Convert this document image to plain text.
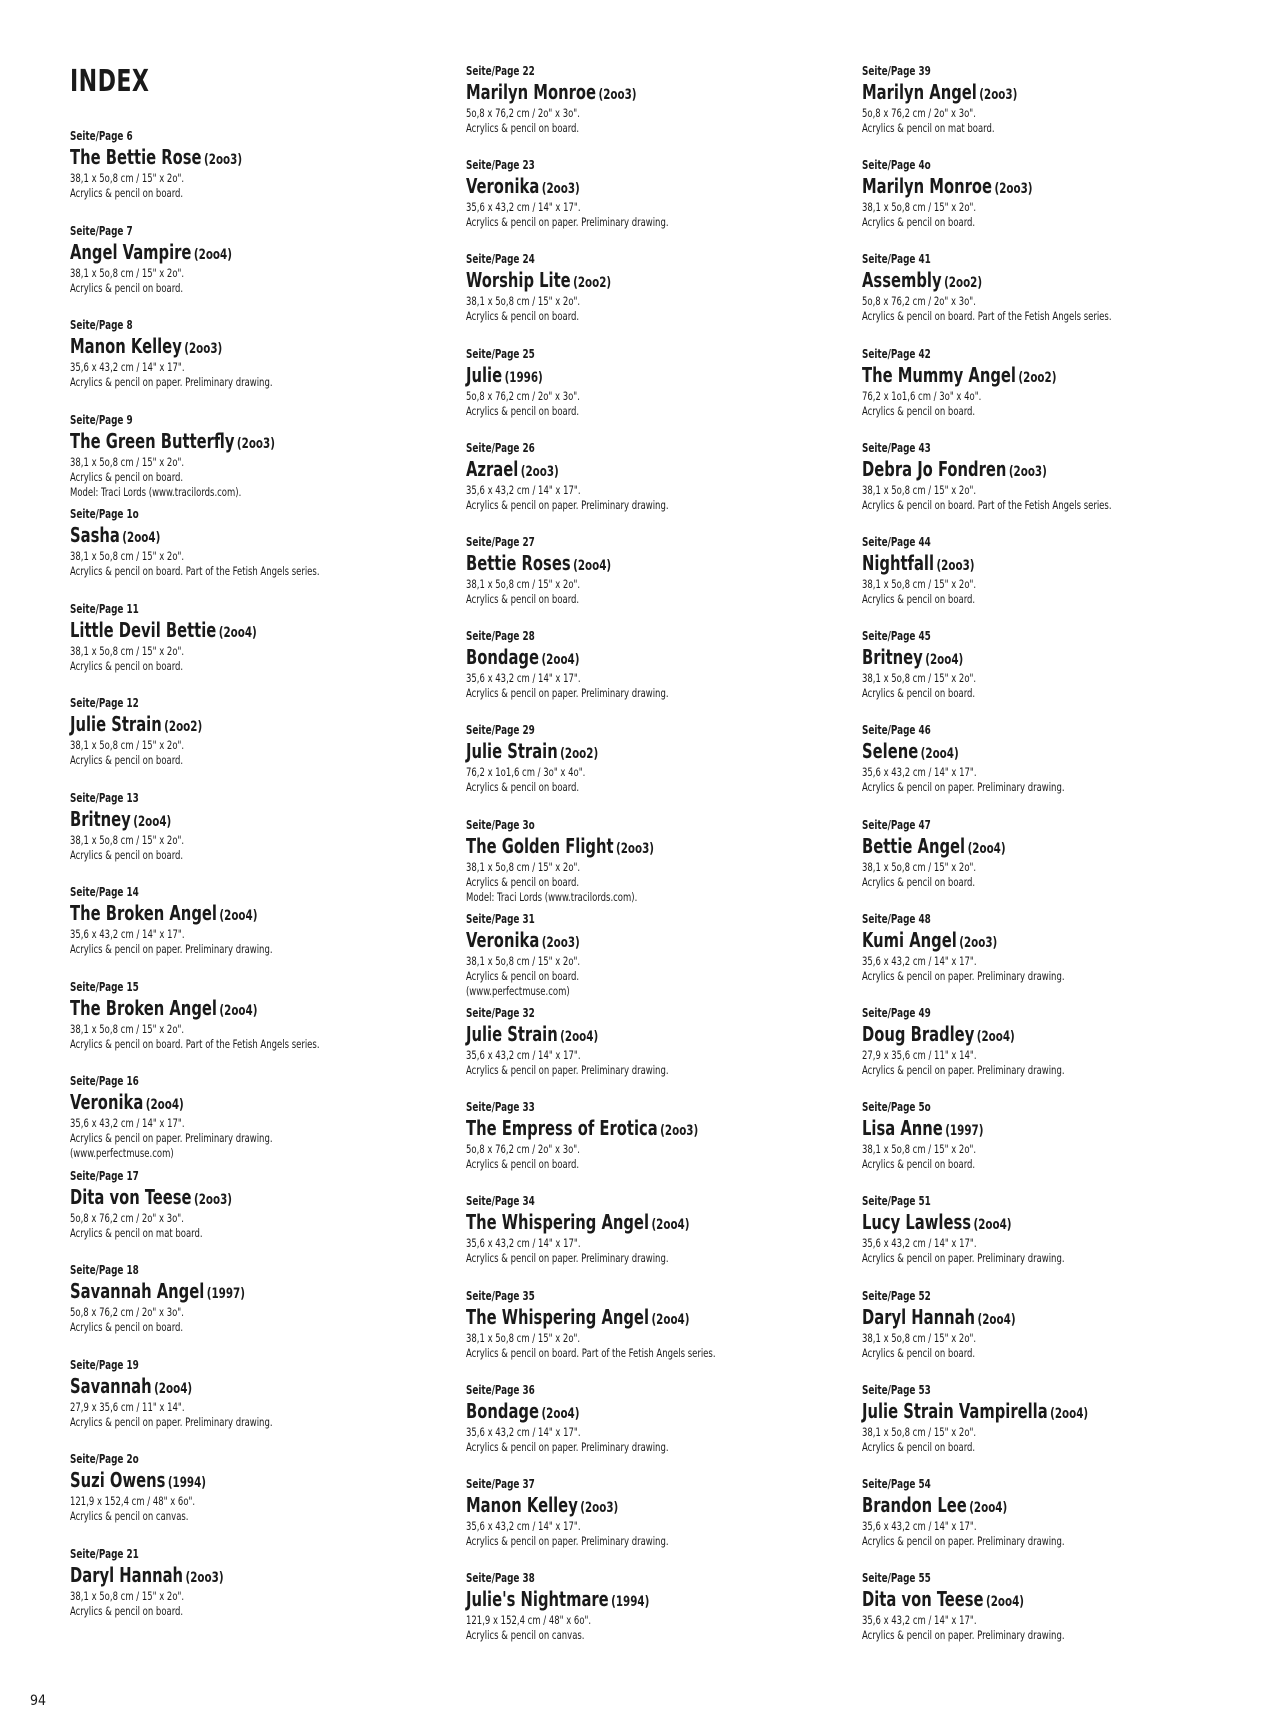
INDEX
Seite/Page 6
The Bettie Rose (2oo3)
38,1 x 5o,8 cm / 15" x 2o".
Acrylics & pencil on board.
Seite/Page 7
Angel Vampire (2oo4)
38,1 x 5o,8 cm / 15" x 2o".
Acrylics & pencil on board.
Seite/Page 8
Manon Kelley (2oo3)
35,6 x 43,2 cm / 14" x 17".
Acrylics & pencil on paper. Preliminary drawing.
Seite/Page 9
The Green Butterfly (2oo3)
38,1 x 5o,8 cm / 15" x 2o".
Acrylics & pencil on board.
Model: Traci Lords (www.tracilords.com).
Seite/Page 1o
Sasha (2oo4)
38,1 x 5o,8 cm / 15" x 2o".
Acrylics & pencil on board. Part of the Fetish Angels series.
Seite/Page 11
Little Devil Bettie (2oo4)
38,1 x 5o,8 cm / 15" x 2o".
Acrylics & pencil on board.
Seite/Page 12
Julie Strain (2oo2)
38,1 x 5o,8 cm / 15" x 2o".
Acrylics & pencil on board.
Seite/Page 13
Britney (2oo4)
38,1 x 5o,8 cm / 15" x 2o".
Acrylics & pencil on board.
Seite/Page 14
The Broken Angel (2oo4)
35,6 x 43,2 cm / 14" x 17".
Acrylics & pencil on paper. Preliminary drawing.
Seite/Page 15
The Broken Angel (2oo4)
38,1 x 5o,8 cm / 15" x 2o".
Acrylics & pencil on board. Part of the Fetish Angels series.
Seite/Page 16
Veronika (2oo4)
35,6 x 43,2 cm / 14" x 17".
Acrylics & pencil on paper. Preliminary drawing.
(www.perfectmuse.com)
Seite/Page 17
Dita von Teese (2oo3)
5o,8 x 76,2 cm / 2o" x 3o".
Acrylics & pencil on mat board.
Seite/Page 18
Savannah Angel (1997)
5o,8 x 76,2 cm / 2o" x 3o".
Acrylics & pencil on board.
Seite/Page 19
Savannah (2oo4)
27,9 x 35,6 cm / 11" x 14".
Acrylics & pencil on paper. Preliminary drawing.
Seite/Page 2o
Suzi Owens (1994)
121,9 x 152,4 cm / 48" x 6o".
Acrylics & pencil on canvas.
Seite/Page 21
Daryl Hannah (2oo3)
38,1 x 5o,8 cm / 15" x 2o".
Acrylics & pencil on board.
Seite/Page 22
Marilyn Monroe (2oo3)
5o,8 x 76,2 cm / 2o" x 3o".
Acrylics & pencil on board.
Seite/Page 23
Veronika (2oo3)
35,6 x 43,2 cm / 14" x 17".
Acrylics & pencil on paper. Preliminary drawing.
Seite/Page 24
Worship Lite (2oo2)
38,1 x 5o,8 cm / 15" x 2o".
Acrylics & pencil on board.
Seite/Page 25
Julie (1996)
5o,8 x 76,2 cm / 2o" x 3o".
Acrylics & pencil on board.
Seite/Page 26
Azrael (2oo3)
35,6 x 43,2 cm / 14" x 17".
Acrylics & pencil on paper. Preliminary drawing.
Seite/Page 27
Bettie Roses (2oo4)
38,1 x 5o,8 cm / 15" x 2o".
Acrylics & pencil on board.
Seite/Page 28
Bondage (2oo4)
35,6 x 43,2 cm / 14" x 17".
Acrylics & pencil on paper. Preliminary drawing.
Seite/Page 29
Julie Strain (2oo2)
76,2 x 1o1,6 cm / 3o" x 4o".
Acrylics & pencil on board.
Seite/Page 3o
The Golden Flight (2oo3)
38,1 x 5o,8 cm / 15" x 2o".
Acrylics & pencil on board.
Model: Traci Lords (www.tracilords.com).
Seite/Page 31
Veronika (2oo3)
38,1 x 5o,8 cm / 15" x 2o".
Acrylics & pencil on board.
(www.perfectmuse.com)
Seite/Page 32
Julie Strain (2oo4)
35,6 x 43,2 cm / 14" x 17".
Acrylics & pencil on paper. Preliminary drawing.
Seite/Page 33
The Empress of Erotica (2oo3)
5o,8 x 76,2 cm / 2o" x 3o".
Acrylics & pencil on board.
Seite/Page 34
The Whispering Angel (2oo4)
35,6 x 43,2 cm / 14" x 17".
Acrylics & pencil on paper. Preliminary drawing.
Seite/Page 35
The Whispering Angel (2oo4)
38,1 x 5o,8 cm / 15" x 2o".
Acrylics & pencil on board. Part of the Fetish Angels series.
Seite/Page 36
Bondage (2oo4)
35,6 x 43,2 cm / 14" x 17".
Acrylics & pencil on paper. Preliminary drawing.
Seite/Page 37
Manon Kelley (2oo3)
35,6 x 43,2 cm / 14" x 17".
Acrylics & pencil on paper. Preliminary drawing.
Seite/Page 38
Julie's Nightmare (1994)
121,9 x 152,4 cm / 48" x 6o".
Acrylics & pencil on canvas.
Seite/Page 39
Marilyn Angel (2oo3)
5o,8 x 76,2 cm / 2o" x 3o".
Acrylics & pencil on mat board.
Seite/Page 4o
Marilyn Monroe (2oo3)
38,1 x 5o,8 cm / 15" x 2o".
Acrylics & pencil on board.
Seite/Page 41
Assembly (2oo2)
5o,8 x 76,2 cm / 2o" x 3o".
Acrylics & pencil on board. Part of the Fetish Angels series.
Seite/Page 42
The Mummy Angel (2oo2)
76,2 x 1o1,6 cm / 3o" x 4o".
Acrylics & pencil on board.
Seite/Page 43
Debra Jo Fondren (2oo3)
38,1 x 5o,8 cm / 15" x 2o".
Acrylics & pencil on board. Part of the Fetish Angels series.
Seite/Page 44
Nightfall (2oo3)
38,1 x 5o,8 cm / 15" x 2o".
Acrylics & pencil on board.
Seite/Page 45
Britney (2oo4)
38,1 x 5o,8 cm / 15" x 2o".
Acrylics & pencil on board.
Seite/Page 46
Selene (2oo4)
35,6 x 43,2 cm / 14" x 17".
Acrylics & pencil on paper. Preliminary drawing.
Seite/Page 47
Bettie Angel (2oo4)
38,1 x 5o,8 cm / 15" x 2o".
Acrylics & pencil on board.
Seite/Page 48
Kumi Angel (2oo3)
35,6 x 43,2 cm / 14" x 17".
Acrylics & pencil on paper. Preliminary drawing.
Seite/Page 49
Doug Bradley (2oo4)
27,9 x 35,6 cm / 11" x 14".
Acrylics & pencil on paper. Preliminary drawing.
Seite/Page 5o
Lisa Anne (1997)
38,1 x 5o,8 cm / 15" x 2o".
Acrylics & pencil on board.
Seite/Page 51
Lucy Lawless (2oo4)
35,6 x 43,2 cm / 14" x 17".
Acrylics & pencil on paper. Preliminary drawing.
Seite/Page 52
Daryl Hannah (2oo4)
38,1 x 5o,8 cm / 15" x 2o".
Acrylics & pencil on board.
Seite/Page 53
Julie Strain Vampirella (2oo4)
38,1 x 5o,8 cm / 15" x 2o".
Acrylics & pencil on board.
Seite/Page 54
Brandon Lee (2oo4)
35,6 x 43,2 cm / 14" x 17".
Acrylics & pencil on paper. Preliminary drawing.
Seite/Page 55
Dita von Teese (2oo4)
35,6 x 43,2 cm / 14" x 17".
Acrylics & pencil on paper. Preliminary drawing.
94
